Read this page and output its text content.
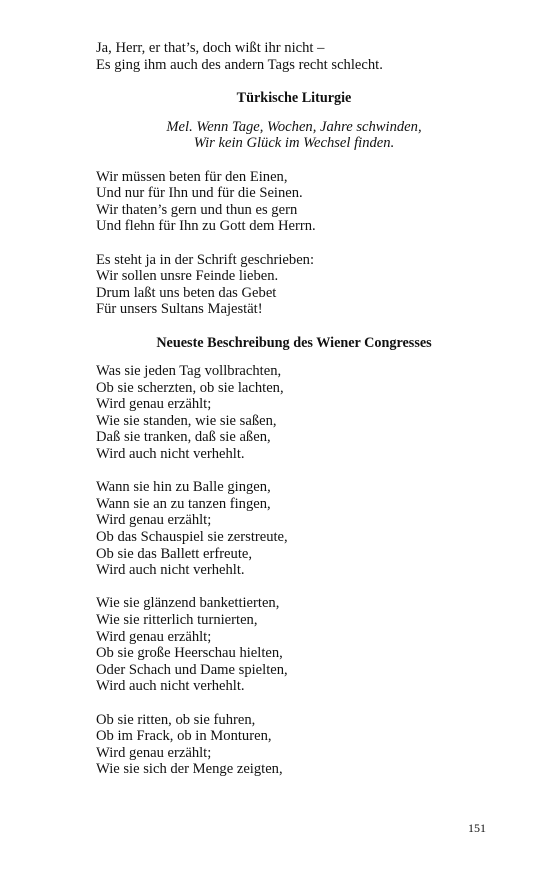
Ja, Herr, er that’s, doch wißt ihr nicht –
Es ging ihm auch des andern Tags recht schlecht.
Türkische Liturgie
Mel. Wenn Tage, Wochen, Jahre schwinden,
Wir kein Glück im Wechsel finden.
Wir müssen beten für den Einen,
Und nur für Ihn und für die Seinen.
Wir thaten’s gern und thun es gern
Und flehn für Ihn zu Gott dem Herrn.
Es steht ja in der Schrift geschrieben:
Wir sollen unsre Feinde lieben.
Drum laßt uns beten das Gebet
Für unsers Sultans Majestät!
Neueste Beschreibung des Wiener Congresses
Was sie jeden Tag vollbrachten,
Ob sie scherzten, ob sie lachten,
Wird genau erzählt;
Wie sie standen, wie sie saßen,
Daß sie tranken, daß sie aßen,
Wird auch nicht verhehlt.
Wann sie hin zu Balle gingen,
Wann sie an zu tanzen fingen,
Wird genau erzählt;
Ob das Schauspiel sie zerstreute,
Ob sie das Ballett erfreute,
Wird auch nicht verhehlt.
Wie sie glänzend bankettierten,
Wie sie ritterlich turnierten,
Wird genau erzählt;
Ob sie große Heerschau hielten,
Oder Schach und Dame spielten,
Wird auch nicht verhehlt.
Ob sie ritten, ob sie fuhren,
Ob im Frack, ob in Monturen,
Wird genau erzählt;
Wie sie sich der Menge zeigten,
151
